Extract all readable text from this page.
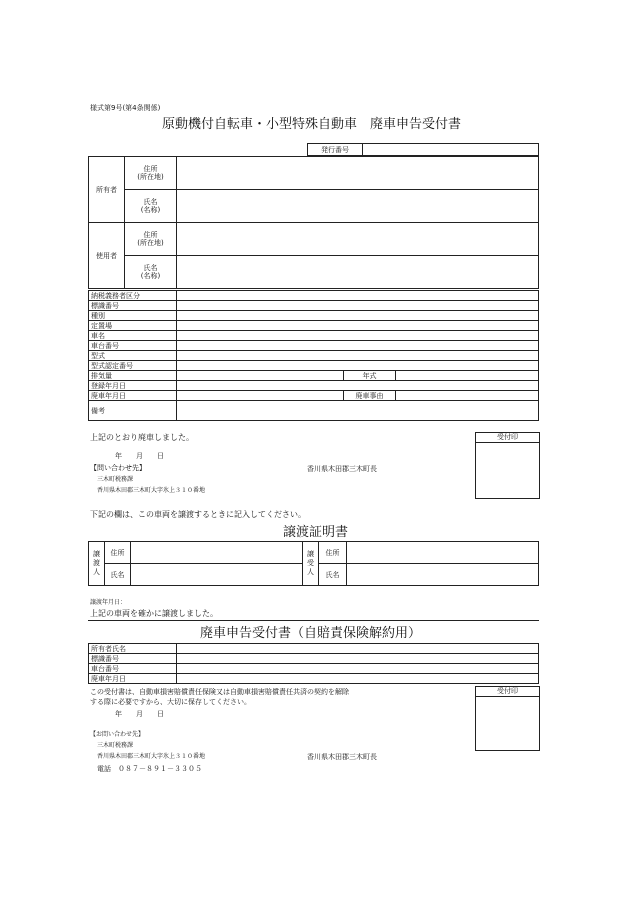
様式第9号(第4条関係)
原動機付自転車・小型特殊自動車　廃車申告受付書
発行番号	
所有者	住所
(所在地)	

	氏名
(名称)	

使用者	住所
(所在地)	

	氏名
(名称)	

納税義務者区分			
標識番号			
種別			
定置場			
車名			
車台番号			
型式			
型式認定番号			
排気量		年式	
登録年月日			
廃車年月日		廃車事由	
備考			
上記のとおり廃車しました。	受付印
年　　月　　日
【問い合わせ先】
三木町税務課
香川県木田郡三木町大字氷上３１０番地
香川県木田郡三木町長
下記の欄は、この車両を譲渡するときに記入してください。
譲渡証明書
譲渡人	住所		譲受人	住所	
	氏名			氏名	
譲渡年月日：
上記の車両を確かに譲渡しました。
廃車申告受付書（自賠責保険解約用）
所有者氏名	
標識番号	
車台番号	
廃車年月日	
この受付書は、自動車損害賠償責任保険又は自動車損害賠償責任共済の契約を解除
する際に必要ですから、大切に保存してください。
受付印
年　　月　　日
【お問い合わせ先】
三木町税務課
香川県木田郡三木町大字氷上３１０番地
電話　０８７－８９１－３３０５
香川県木田郡三木町長
